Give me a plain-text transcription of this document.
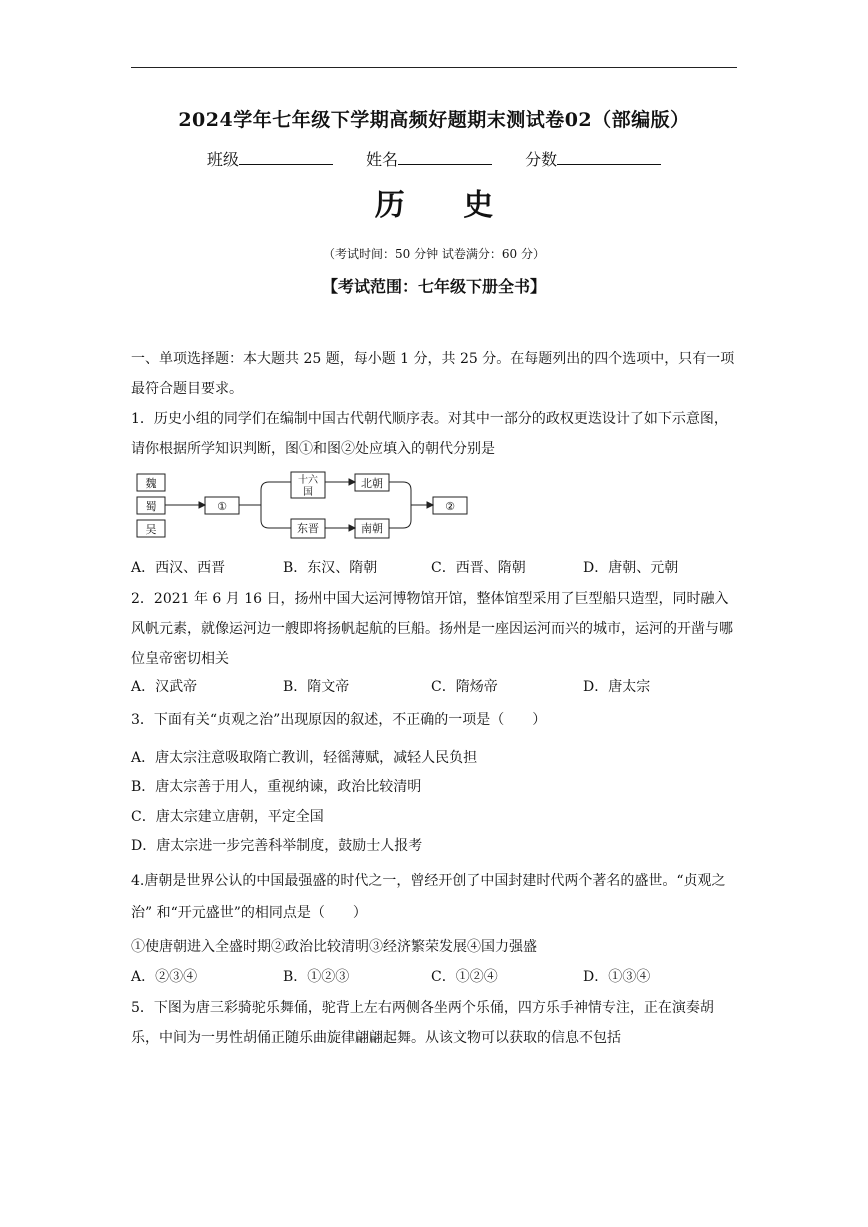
2024学年七年级下学期高频好题期末测试卷02（部编版）
班级	姓名	分数
历 史
（考试时间：50 分钟 试卷满分：60 分）
【考试范围：七年级下册全书】

一、单项选择题：本大题共 25 题，每小题 1 分，共 25 分。在每题列出的四个选项中，只有一项最符合题目要求。

1．历史小组的同学们在编制中国古代朝代顺序表。对其中一部分的政权更迭设计了如下示意图，请你根据所学知识判断，图①和图②处应填入的朝代分别是

魏
蜀
吴
①
十六
国
东晋
北朝
南朝
②
A．西汉、西晋	B．东汉、隋朝	C．西晋、隋朝	D．唐朝、元朝

2．2021 年 6 月 16 日，扬州中国大运河博物馆开馆，整体馆型采用了巨型船只造型，同时融入风帆元素，就像运河边一艘即将扬帆起航的巨船。扬州是一座因运河而兴的城市，运河的开凿与哪位皇帝密切相关

A．汉武帝	B．隋文帝	C．隋炀帝	D．唐太宗
3．下面有关“贞观之治”出现原因的叙述，不正确的一项是（　　）
A．唐太宗注意吸取隋亡教训，轻徭薄赋，减轻人民负担
B．唐太宗善于用人，重视纳谏，政治比较清明
C．唐太宗建立唐朝，平定全国
D．唐太宗进一步完善科举制度，鼓励士人报考

4.唐朝是世界公认的中国最强盛的时代之一，曾经开创了中国封建时代两个著名的盛世。“贞观之治” 和“开元盛世”的相同点是（　　）

①使唐朝进入全盛时期②政治比较清明③经济繁荣发展④国力强盛
A．②③④	B．①②③	C．①②④	D．①③④

5．下图为唐三彩骑驼乐舞俑，驼背上左右两侧各坐两个乐俑，四方乐手神情专注，正在演奏胡乐，中间为一男性胡俑正随乐曲旋律翩翩起舞。从该文物可以获取的信息不包括
